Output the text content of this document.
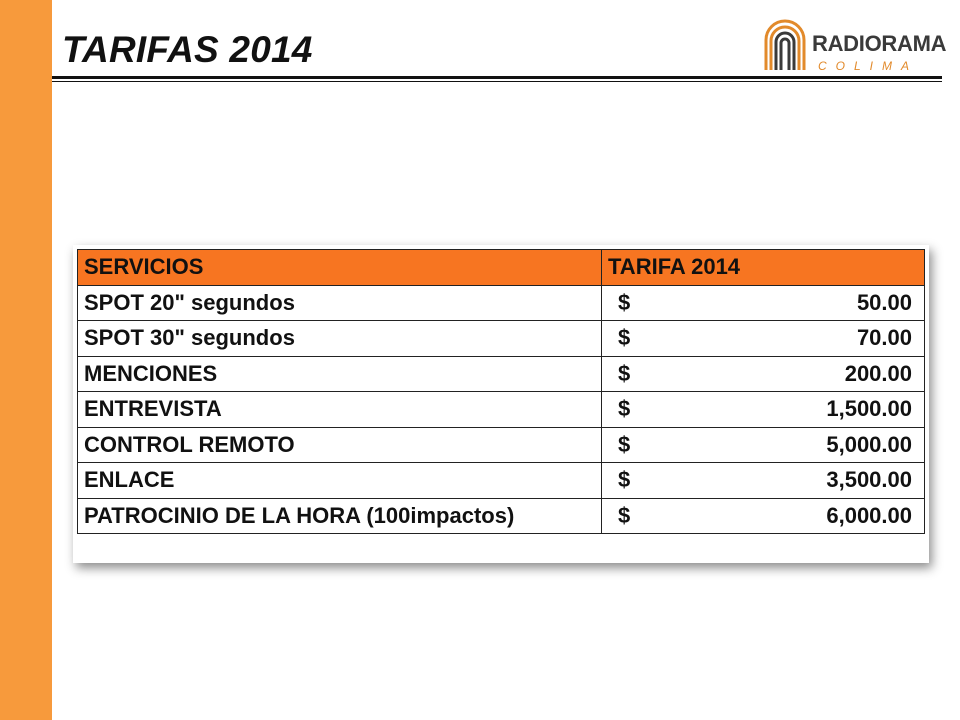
TARIFAS 2014	RADIORAMA
COLIMA
SERVICIOS	TARIFA 2014
SPOT 20" segundos	$ 50.00

SPOT 30" segundos	$ 70.00

MENCIONES	$ 200.00

ENTREVISTA	$ 1,500.00

CONTROL REMOTO	$ 5,000.00

ENLACE	$ 3,500.00

PATROCINIO DE LA HORA (100impactos)	$ 6,000.00
